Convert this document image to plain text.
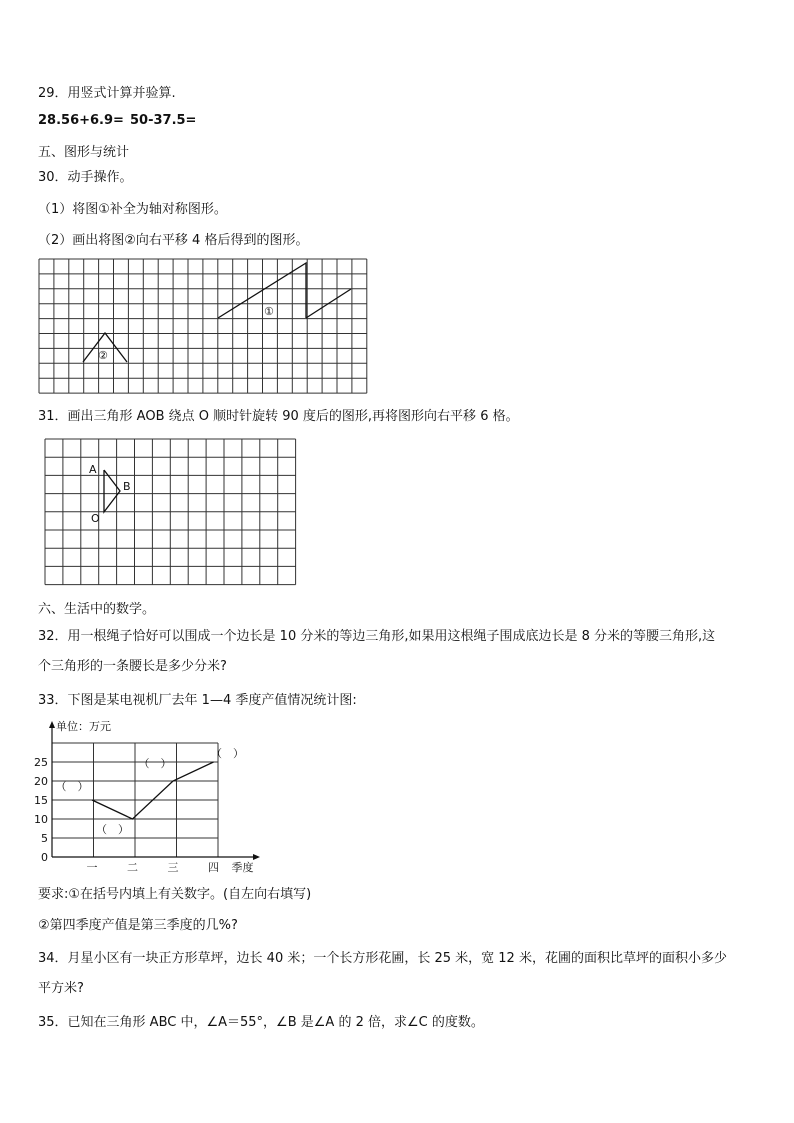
29．用竖式计算并验算.
28.56+6.9= 50-37.5=
五、图形与统计
30．动手操作。
（1）将图①补全为轴对称图形。
（2）画出将图②向右平移 4 格后得到的图形。
①
②
31．画出三角形 AOB 绕点 O 顺时针旋转 90 度后的图形,再将图形向右平移 6 格。
A
B
O
六、生活中的数学。
32．用一根绳子恰好可以围成一个边长是 10 分米的等边三角形,如果用这根绳子围成底边长是 8 分米的等腰三角形,这
个三角形的一条腰长是多少分米?
33．下图是某电视机厂去年 1—4 季度产值情况统计图:
单位：万元
0
5
10
15
20
25
一	二	三	四 季度
（　）
（　）
（　）
（　）
要求:①在括号内填上有关数字。(自左向右填写)
②第四季度产值是第三季度的几%?
34．月星小区有一块正方形草坪，边长 40 米；一个长方形花圃，长 25 米，宽 12 米，花圃的面积比草坪的面积小多少
平方米?
35．已知在三角形 ABC 中，∠A＝55°，∠B 是∠A 的 2 倍，求∠C 的度数。
